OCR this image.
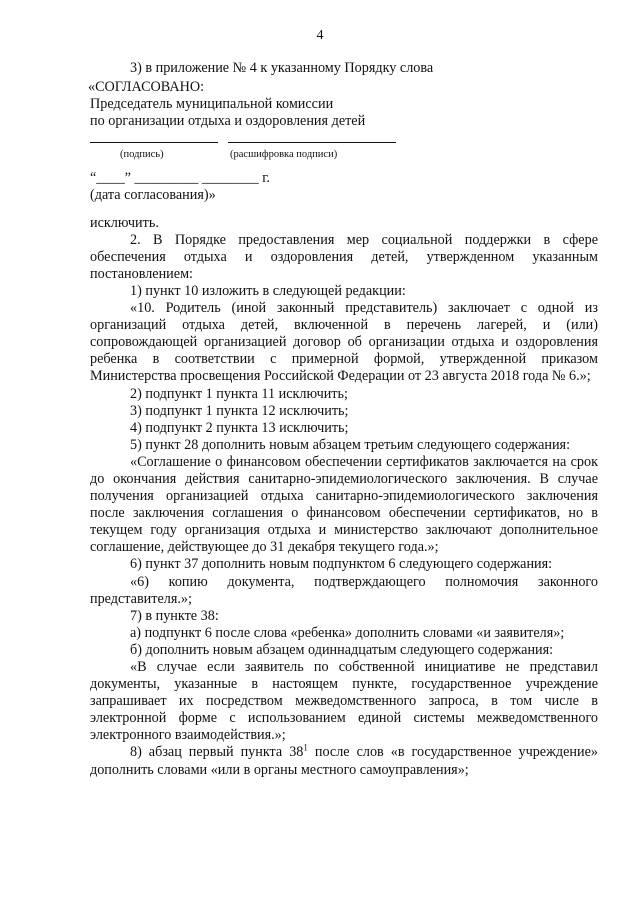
4

3) в приложение № 4 к указанному Порядку слова

«СОГЛАСОВАНО:

Председатель муниципальной комиссии

по организации отдыха и оздоровления детей

(подпись)	(расшифровка подписи)

“____” _________ ________ г.

(дата согласования)»

исключить.

2. В Порядке предоставления мер социальной поддержки в сфере обеспечения отдыха и оздоровления детей, утвержденном указанным постановлением:

1) пункт 10 изложить в следующей редакции:

«10. Родитель (иной законный представитель) заключает с одной из организаций отдыха детей, включенной в перечень лагерей, и (или) сопровождающей организацией договор об организации отдыха и оздоровления ребенка в соответствии с примерной формой, утвержденной приказом Министерства просвещения Российской Федерации от 23 августа 2018 года № 6.»;

2) подпункт 1 пункта 11 исключить;

3) подпункт 1 пункта 12 исключить;

4) подпункт 2 пункта 13 исключить;

5) пункт 28 дополнить новым абзацем третьим следующего содержания:

«Соглашение о финансовом обеспечении сертификатов заключается на срок до окончания действия санитарно-эпидемиологического заключения. В случае получения организацией отдыха санитарно-эпидемиологического заключения после заключения соглашения о финансовом обеспечении сертификатов, но в текущем году организация отдыха и министерство заключают дополнительное соглашение, действующее до 31 декабря текущего года.»;

6) пункт 37 дополнить новым подпунктом 6 следующего содержания:

«6) копию документа, подтверждающего полномочия законного представителя.»;

7) в пункте 38:

а) подпункт 6 после слова «ребенка» дополнить словами «и заявителя»;

б) дополнить новым абзацем одиннадцатым следующего содержания:

«В случае если заявитель по собственной инициативе не представил документы, указанные в настоящем пункте, государственное учреждение запрашивает их посредством межведомственного запроса, в том числе в электронной форме с использованием единой системы межведомственного электронного взаимодействия.»;

8) абзац первый пункта $38^1$ после слов «в государственное учреждение» дополнить словами «или в органы местного самоуправления»;
